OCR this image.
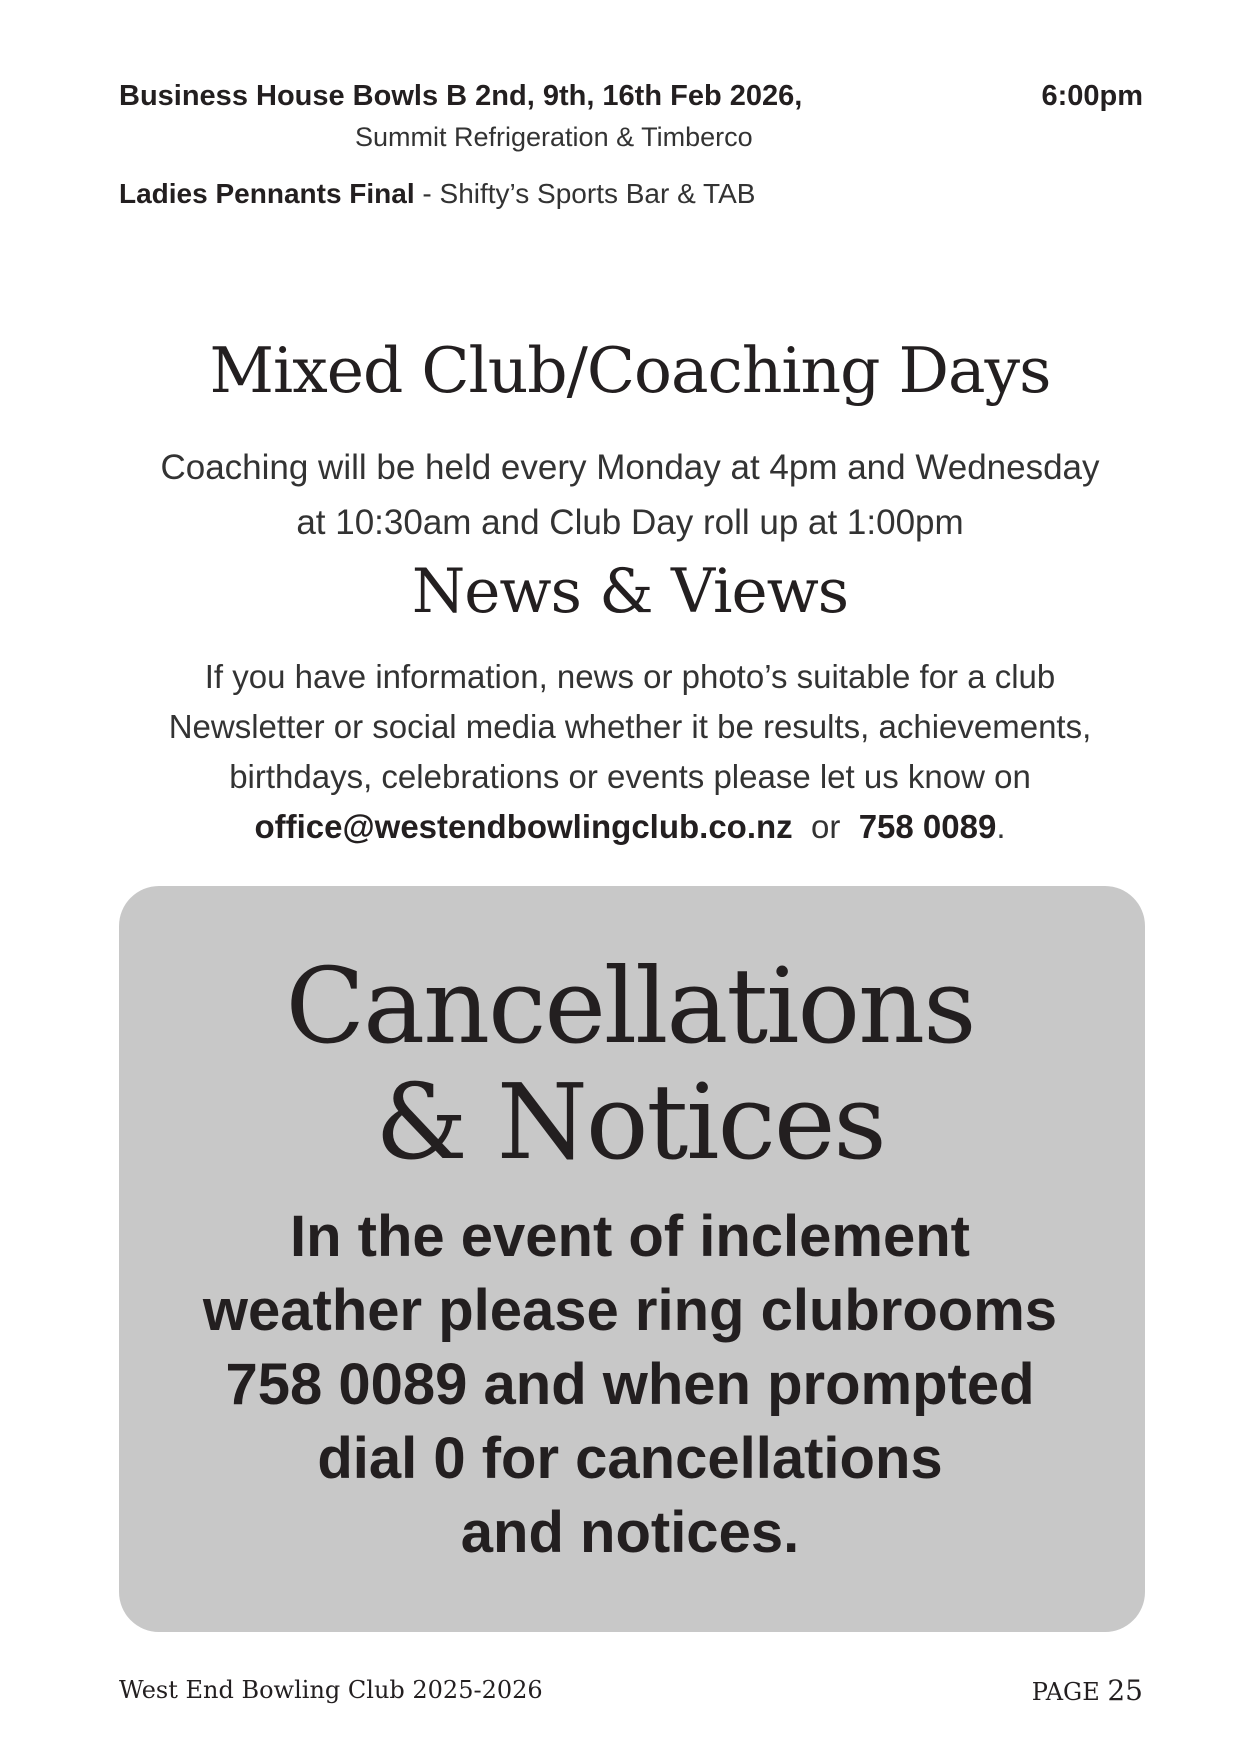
Business House Bowls B 2nd, 9th, 16th Feb 2026,	6:00pm
Summit Refrigeration & Timberco
Ladies Pennants Final - Shifty’s Sports Bar & TAB
Mixed Club/Coaching Days
Coaching will be held every Monday at 4pm and Wednesday
at 10:30am and Club Day roll up at 1:00pm
News & Views
If you have information, news or photo’s suitable for a club
Newsletter or social media whether it be results, achievements,
birthdays, celebrations or events please let us know on
office@westendbowlingclub.co.nz or 758 0089.
Cancellations
& Notices
In the event of inclement
weather please ring clubrooms
758 0089 and when prompted
dial 0 for cancellations
and notices.
West End Bowling Club 2025-2026	PAGE 25
